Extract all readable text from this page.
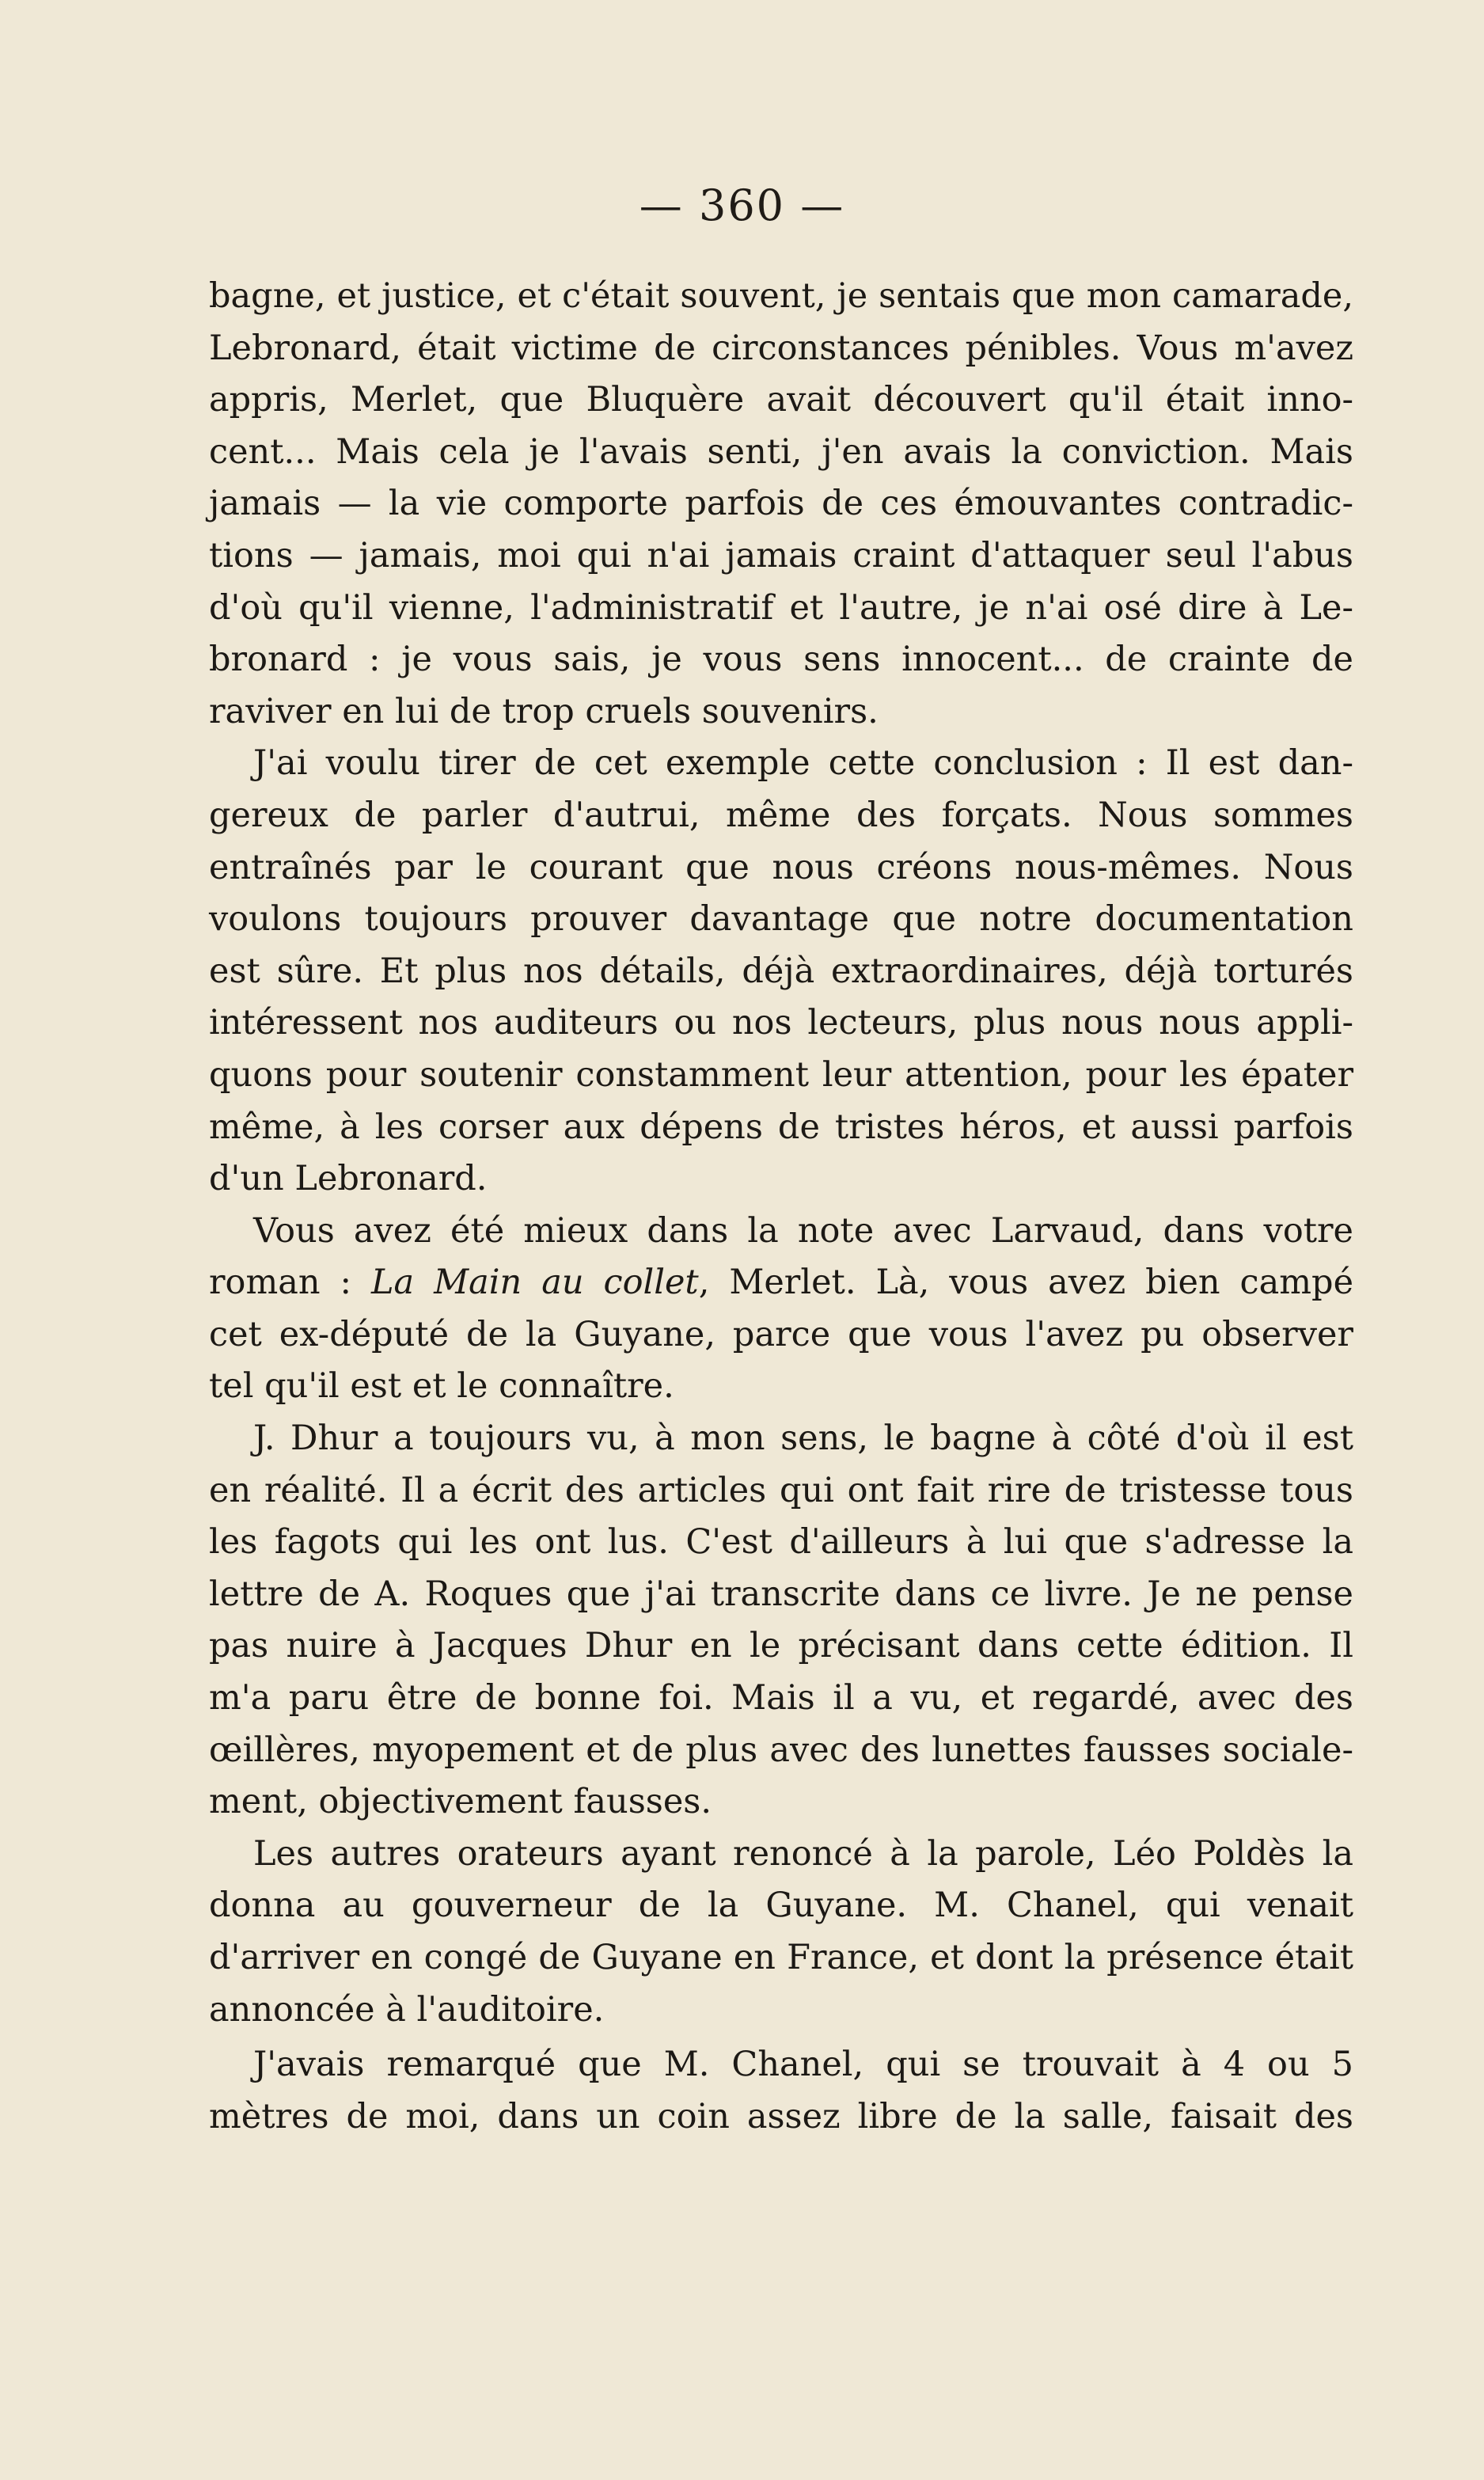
— 360 —
bagne, et justice, et c'était souvent, je sentais que mon camarade,
Lebronard, était victime de circonstances pénibles. Vous m'avez
appris, Merlet, que Bluquère avait découvert qu'il était inno-
cent... Mais cela je l'avais senti, j'en avais la conviction. Mais
jamais — la vie comporte parfois de ces émouvantes contradic-
tions — jamais, moi qui n'ai jamais craint d'attaquer seul l'abus
d'où qu'il vienne, l'administratif et l'autre, je n'ai osé dire à Le-
bronard : je vous sais, je vous sens innocent... de crainte de
raviver en lui de trop cruels souvenirs.
J'ai voulu tirer de cet exemple cette conclusion : Il est dan-
gereux de parler d'autrui, même des forçats. Nous sommes
entraînés par le courant que nous créons nous-mêmes. Nous
voulons toujours prouver davantage que notre documentation
est sûre. Et plus nos détails, déjà extraordinaires, déjà torturés
intéressent nos auditeurs ou nos lecteurs, plus nous nous appli-
quons pour soutenir constamment leur attention, pour les épater
même, à les corser aux dépens de tristes héros, et aussi parfois
d'un Lebronard.
Vous avez été mieux dans la note avec Larvaud, dans votre
roman : La Main au collet, Merlet. Là, vous avez bien campé
cet ex-député de la Guyane, parce que vous l'avez pu observer
tel qu'il est et le connaître.
J. Dhur a toujours vu, à mon sens, le bagne à côté d'où il est
en réalité. Il a écrit des articles qui ont fait rire de tristesse tous
les fagots qui les ont lus. C'est d'ailleurs à lui que s'adresse la
lettre de A. Roques que j'ai transcrite dans ce livre. Je ne pense
pas nuire à Jacques Dhur en le précisant dans cette édition. Il
m'a paru être de bonne foi. Mais il a vu, et regardé, avec des
œillères, myopement et de plus avec des lunettes fausses sociale-
ment, objectivement fausses.
Les autres orateurs ayant renoncé à la parole, Léo Poldès la
donna au gouverneur de la Guyane. M. Chanel, qui venait
d'arriver en congé de Guyane en France, et dont la présence était
annoncée à l'auditoire.
J'avais remarqué que M. Chanel, qui se trouvait à 4 ou 5
mètres de moi, dans un coin assez libre de la salle, faisait des
